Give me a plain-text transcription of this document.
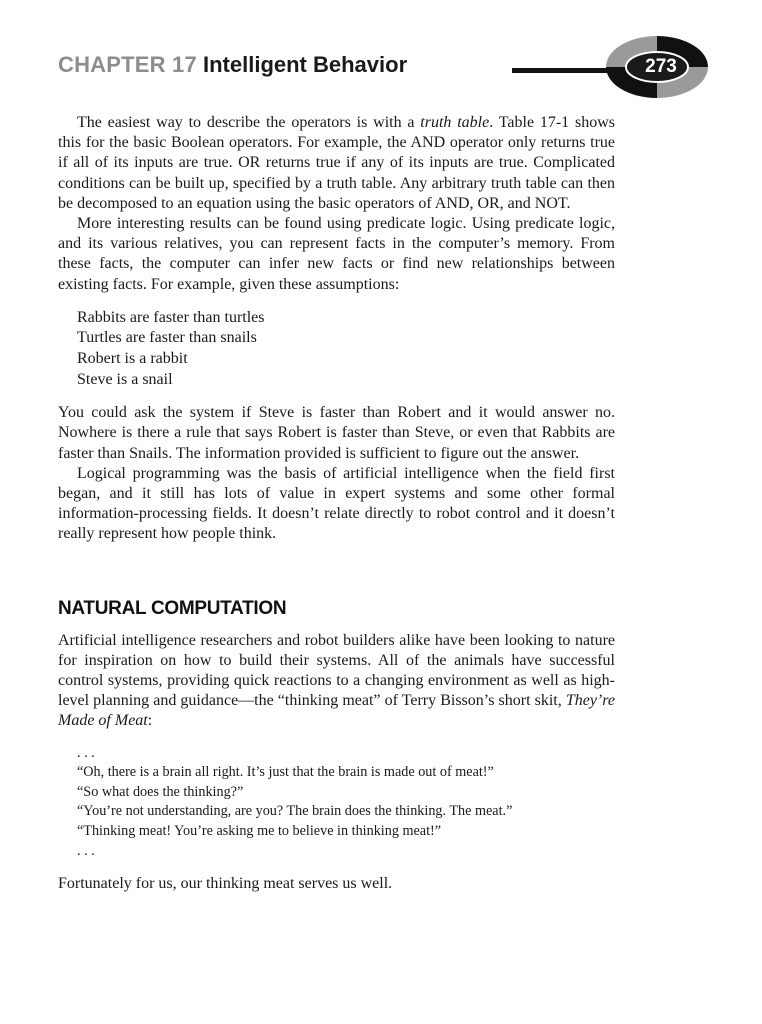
CHAPTER 17 Intelligent Behavior	273

The easiest way to describe the operators is with a truth table. Table 17-1 shows this for the basic Boolean operators. For example, the AND operator only returns true if all of its inputs are true. OR returns true if any of its inputs are true. Complicated conditions can be built up, specified by a truth table. Any arbitrary truth table can then be decomposed to an equation using the basic operators of AND, OR, and NOT.

More interesting results can be found using predicate logic. Using predicate logic, and its various relatives, you can represent facts in the computer’s memory. From these facts, the computer can infer new facts or find new relationships between existing facts. For example, given these assumptions:

Rabbits are faster than turtles
Turtles are faster than snails
Robert is a rabbit
Steve is a snail

You could ask the system if Steve is faster than Robert and it would answer no. Nowhere is there a rule that says Robert is faster than Steve, or even that Rabbits are faster than Snails. The information provided is sufficient to figure out the answer.

Logical programming was the basis of artificial intelligence when the field first began, and it still has lots of value in expert systems and some other formal information-processing fields. It doesn’t relate directly to robot control and it doesn’t really represent how people think.

NATURAL COMPUTATION

Artificial intelligence researchers and robot builders alike have been looking to nature for inspiration on how to build their systems. All of the animals have successful control systems, providing quick reactions to a changing environment as well as high-level planning and guidance—the “thinking meat” of Terry Bisson’s short skit, They’re Made of Meat:

. . .
“Oh, there is a brain all right. It’s just that the brain is made out of meat!”
“So what does the thinking?”
“You’re not understanding, are you? The brain does the thinking. The meat.”
“Thinking meat! You’re asking me to believe in thinking meat!”
. . .

Fortunately for us, our thinking meat serves us well.
